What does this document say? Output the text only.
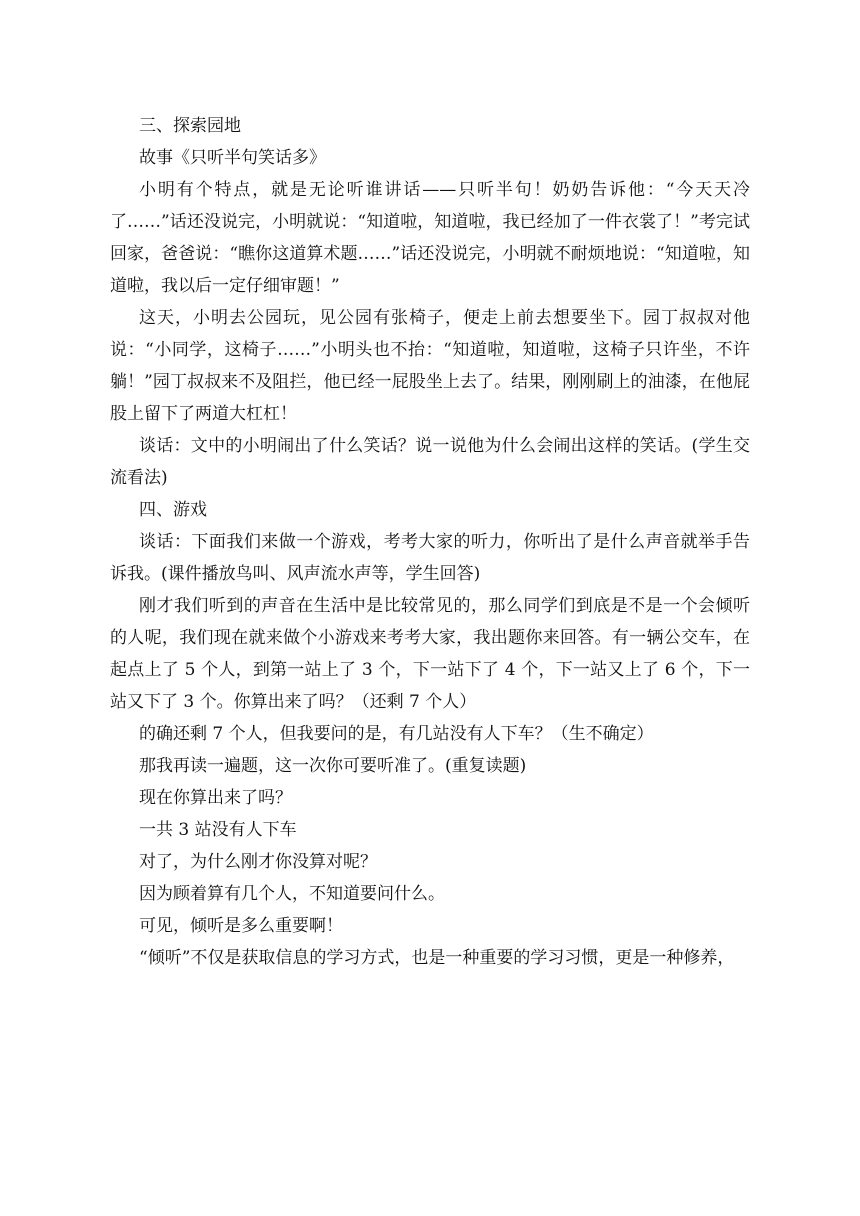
三、探索园地

故事《只听半句笑话多》

小明有个特点，就是无论听谁讲话——只听半句！奶奶告诉他：“今天天冷了……”话还没说完，小明就说：“知道啦，知道啦，我已经加了一件衣裳了！”考完试回家，爸爸说：“瞧你这道算术题……”话还没说完，小明就不耐烦地说：“知道啦，知道啦，我以后一定仔细审题！”

这天，小明去公园玩，见公园有张椅子，便走上前去想要坐下。园丁叔叔对他说：“小同学，这椅子……”小明头也不抬：“知道啦，知道啦，这椅子只许坐，不许躺！”园丁叔叔来不及阻拦，他已经一屁股坐上去了。结果，刚刚刷上的油漆，在他屁股上留下了两道大杠杠！

谈话：文中的小明闹出了什么笑话？说一说他为什么会闹出这样的笑话。(学生交流看法)

四、游戏

谈话：下面我们来做一个游戏，考考大家的听力，你听出了是什么声音就举手告诉我。(课件播放鸟叫、风声流水声等，学生回答)

刚才我们听到的声音在生活中是比较常见的，那么同学们到底是不是一个会倾听的人呢，我们现在就来做个小游戏来考考大家，我出题你来回答。有一辆公交车，在起点上了 5 个人，到第一站上了 3 个，下一站下了 4 个，下一站又上了 6 个，下一站又下了 3 个。你算出来了吗？（还剩 7 个人）

的确还剩 7 个人，但我要问的是，有几站没有人下车？（生不确定）

那我再读一遍题，这一次你可要听准了。(重复读题)

现在你算出来了吗？

一共 3 站没有人下车

对了，为什么刚才你没算对呢？

因为顾着算有几个人，不知道要问什么。

可见，倾听是多么重要啊！

“倾听”不仅是获取信息的学习方式，也是一种重要的学习习惯，更是一种修养，
